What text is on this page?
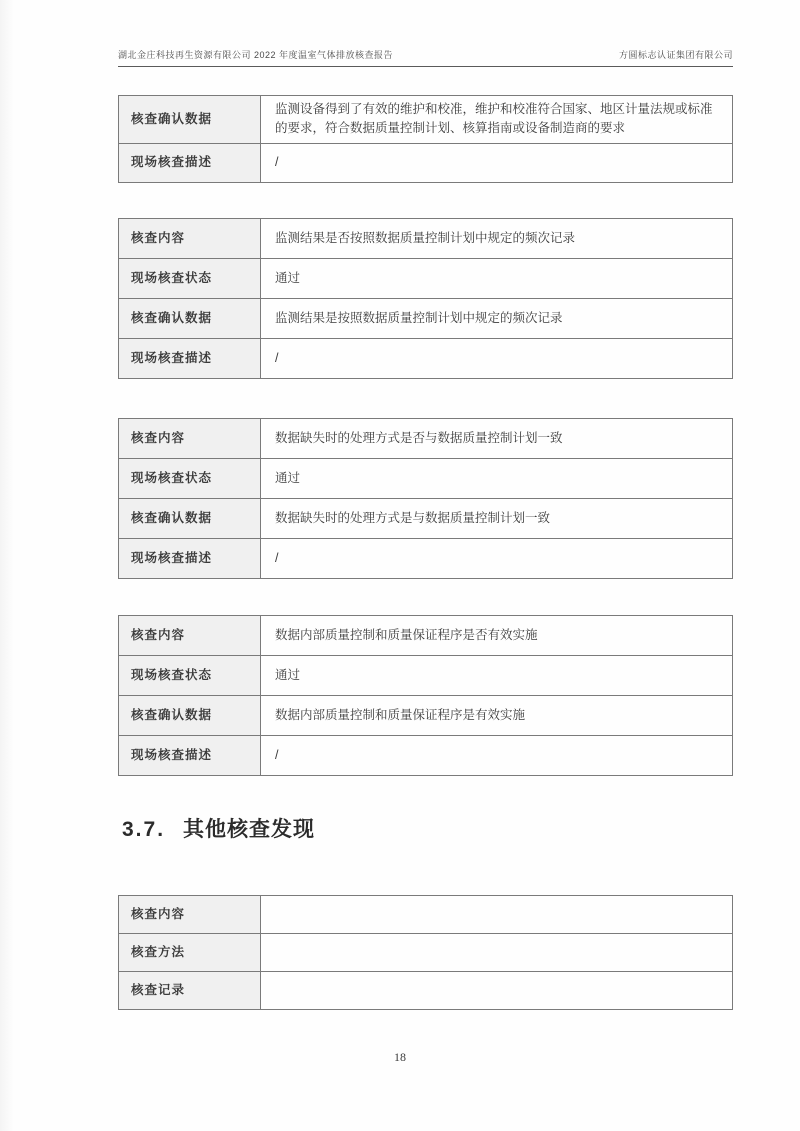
湖北金庄科技再生资源有限公司 2022 年度温室气体排放核查报告	方圆标志认证集团有限公司
核查确认数据	监测设备得到了有效的维护和校准，维护和校准符合国家、地区计量法规或标准的要求，符合数据质量控制计划、核算指南或设备制造商的要求
现场核查描述	/
核查内容	监测结果是否按照数据质量控制计划中规定的频次记录
现场核查状态	通过
核查确认数据	监测结果是按照数据质量控制计划中规定的频次记录
现场核查描述	/
核查内容	数据缺失时的处理方式是否与数据质量控制计划一致
现场核查状态	通过
核查确认数据	数据缺失时的处理方式是与数据质量控制计划一致
现场核查描述	/
核查内容	数据内部质量控制和质量保证程序是否有效实施
现场核查状态	通过
核查确认数据	数据内部质量控制和质量保证程序是有效实施
现场核查描述	/
3.7. 其他核查发现
核查内容	
核查方法	
核查记录	
18
